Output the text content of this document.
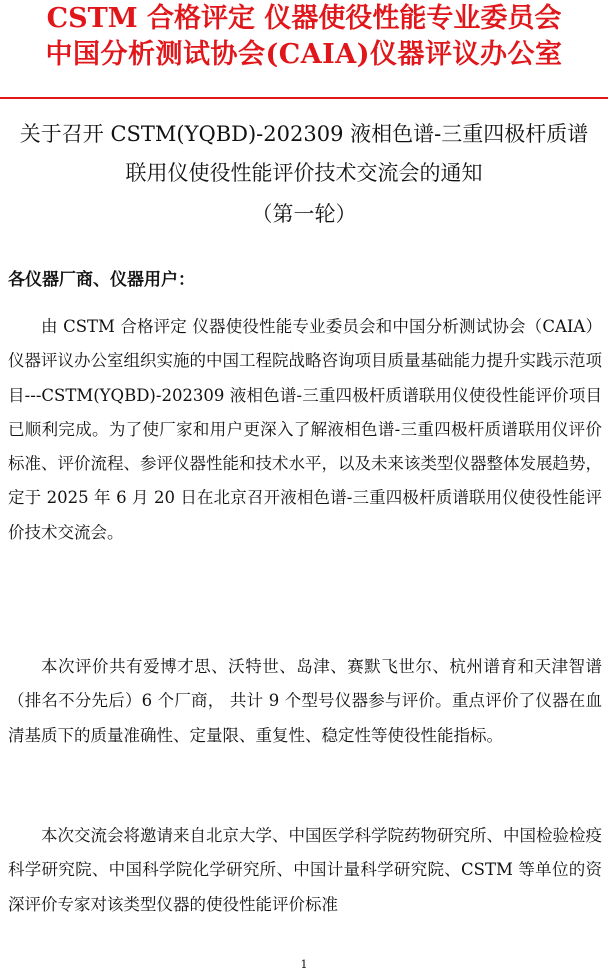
CSTM 合格评定 仪器使役性能专业委员会
中国分析测试协会(CAIA)仪器评议办公室
关于召开 CSTM(YQBD)-202309 液相色谱-三重四极杆质谱
联用仪使役性能评价技术交流会的通知
（第一轮）
各仪器厂商、仪器用户：

由 CSTM 合格评定 仪器使役性能专业委员会和中国分析测试协会（CAIA）仪器评议办公室组织实施的中国工程院战略咨询项目质量基础能力提升实践示范项目---CSTM(YQBD)-202309 液相色谱-三重四极杆质谱联用仪使役性能评价项目已顺利完成。为了使厂家和用户更深入了解液相色谱-三重四极杆质谱联用仪评价标准、评价流程、参评仪器性能和技术水平，以及未来该类型仪器整体发展趋势，定于 2025 年 6 月 20 日在北京召开液相色谱-三重四极杆质谱联用仪使役性能评价技术交流会。

本次评价共有爱博才思、沃特世、岛津、赛默飞世尔、杭州谱育和天津智谱（排名不分先后）6 个厂商， 共计 9 个型号仪器参与评价。重点评价了仪器在血清基质下的质量准确性、定量限、重复性、稳定性等使役性能指标。

本次交流会将邀请来自北京大学、中国医学科学院药物研究所、中国检验检疫科学研究院、中国科学院化学研究所、中国计量科学研究院、CSTM 等单位的资深评价专家对该类型仪器的使役性能评价标准

1
